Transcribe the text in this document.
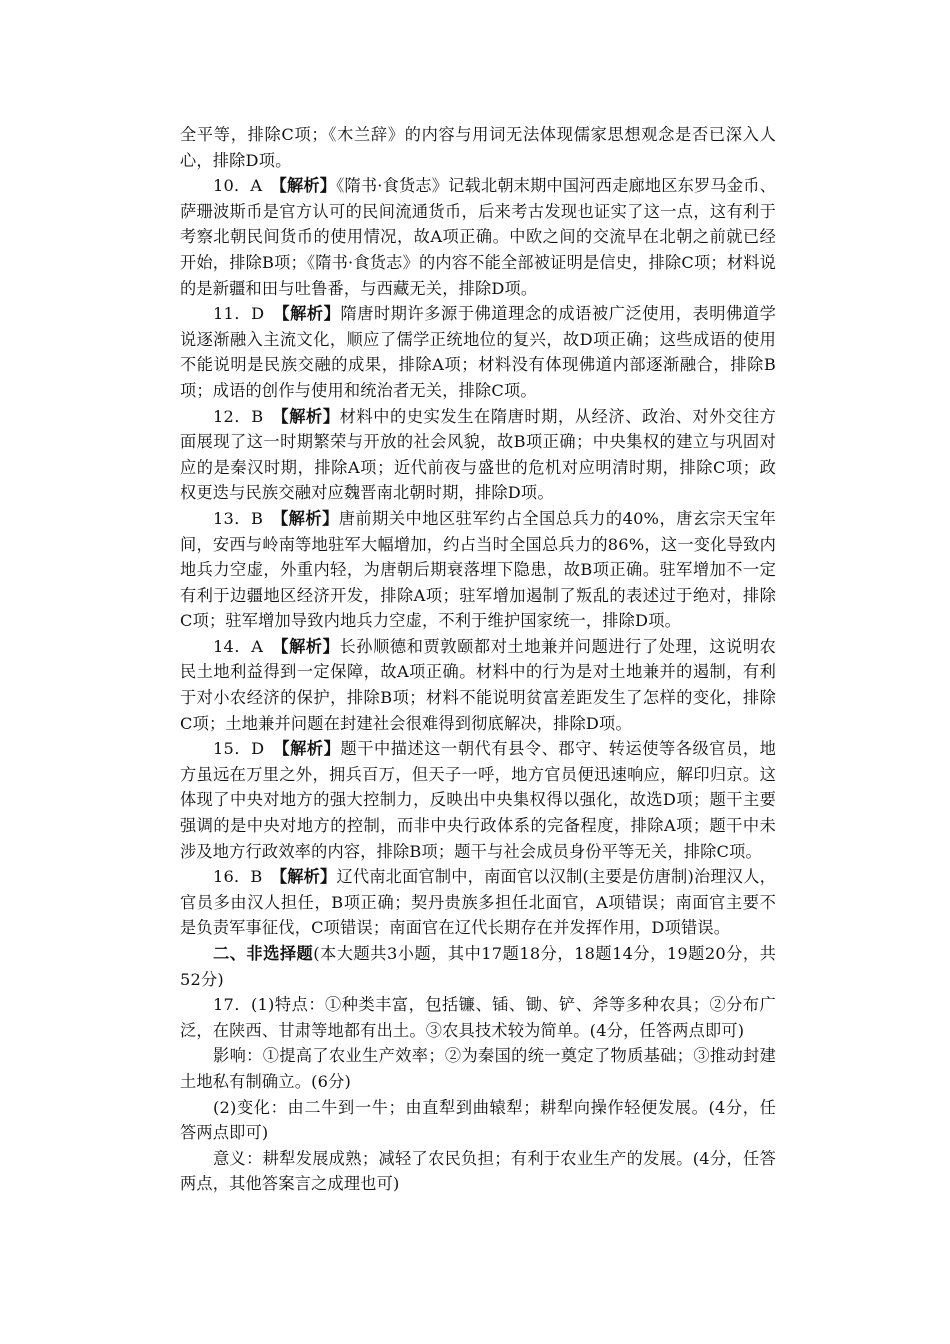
全平等，排除C项；《木兰辞》的内容与用词无法体现儒家思想观念是否已深入人心，排除D项。

10．A　 【解析】《隋书·食货志》记载北朝末期中国河西走廊地区东罗马金币、萨珊波斯币是官方认可的民间流通货币，后来考古发现也证实了这一点，这有利于考察北朝民间货币的使用情况，故A项正确。中欧之间的交流早在北朝之前就已经开始，排除B项；《隋书·食货志》的内容不能全部被证明是信史，排除C项；材料说的是新疆和田与吐鲁番，与西藏无关，排除D项。

11．D　 【解析】隋唐时期许多源于佛道理念的成语被广泛使用，表明佛道学说逐渐融入主流文化，顺应了儒学正统地位的复兴，故D项正确；这些成语的使用不能说明是民族交融的成果，排除A项；材料没有体现佛道内部逐渐融合，排除B项；成语的创作与使用和统治者无关，排除C项。

12．B　 【解析】材料中的史实发生在隋唐时期，从经济、政治、对外交往方面展现了这一时期繁荣与开放的社会风貌，故B项正确；中央集权的建立与巩固对应的是秦汉时期，排除A项；近代前夜与盛世的危机对应明清时期，排除C项；政权更迭与民族交融对应魏晋南北朝时期，排除D项。

13．B　 【解析】唐前期关中地区驻军约占全国总兵力的40%，唐玄宗天宝年间，安西与岭南等地驻军大幅增加，约占当时全国总兵力的86%，这一变化导致内地兵力空虚，外重内轻，为唐朝后期衰落埋下隐患，故B项正确。驻军增加不一定有利于边疆地区经济开发，排除A项；驻军增加遏制了叛乱的表述过于绝对，排除C项；驻军增加导致内地兵力空虚，不利于维护国家统一，排除D项。

14．A　 【解析】长孙顺德和贾敦颐都对土地兼并问题进行了处理，这说明农民土地利益得到一定保障，故A项正确。材料中的行为是对土地兼并的遏制，有利于对小农经济的保护，排除B项；材料不能说明贫富差距发生了怎样的变化，排除C项；土地兼并问题在封建社会很难得到彻底解决，排除D项。

15．D　 【解析】题干中描述这一朝代有县令、郡守、转运使等各级官员，地方虽远在万里之外，拥兵百万，但天子一呼，地方官员便迅速响应，解印归京。这体现了中央对地方的强大控制力，反映出中央集权得以强化，故选D项；题干主要强调的是中央对地方的控制，而非中央行政体系的完备程度，排除A项；题干中未涉及地方行政效率的内容，排除B项；题干与社会成员身份平等无关，排除C项。

16．B　 【解析】辽代南北面官制中，南面官以汉制(主要是仿唐制)治理汉人，官员多由汉人担任，B项正确；契丹贵族多担任北面官，A项错误；南面官主要不是负责军事征伐，C项错误；南面官在辽代长期存在并发挥作用，D项错误。

二、非选择题(本大题共3小题，其中17题18分，18题14分，19题20分，共52分)

17．(1)特点：①种类丰富，包括镰、锸、锄、铲、斧等多种农具；②分布广泛，在陕西、甘肃等地都有出土。③农具技术较为简单。(4分，任答两点即可)

影响：①提高了农业生产效率；②为秦国的统一奠定了物质基础；③推动封建土地私有制确立。(6分)

(2)变化：由二牛到一牛；由直犁到曲辕犁；耕犁向操作轻便发展。(4分，任答两点即可)

意义：耕犁发展成熟；减轻了农民负担；有利于农业生产的发展。(4分，任答两点，其他答案言之成理也可)
